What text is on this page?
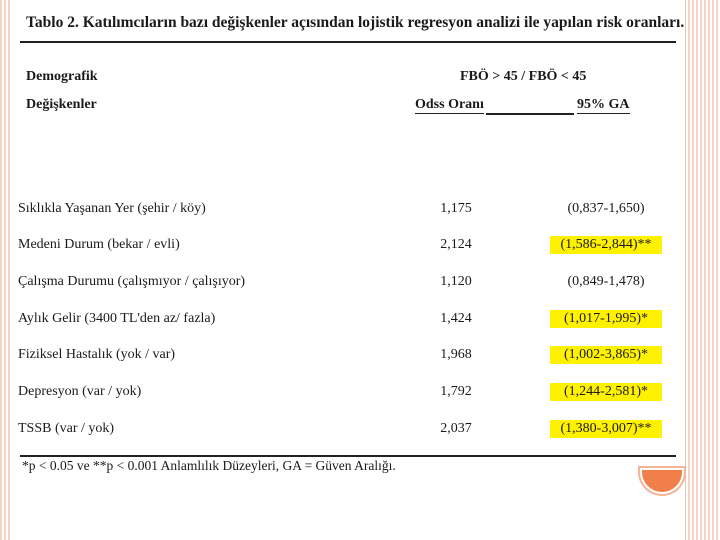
Tablo 2. Katılımcıların bazı değişkenler açısından lojistik regresyon analizi ile yapılan risk oranları.
Demografik
Değişkenler
FBÖ > 45 / FBÖ < 45
Odss Oranı	95% GA
Sıklıkla Yaşanan Yer (şehir / köy)	1,175	(0,837-1,650)
Medeni Durum (bekar / evli)	2,124	(1,586-2,844)**
Çalışma Durumu (çalışmıyor / çalışıyor)	1,120	(0,849-1,478)
Aylık Gelir (3400 TL'den az/ fazla)	1,424	(1,017-1,995)*
Fiziksel Hastalık (yok / var)	1,968	(1,002-3,865)*
Depresyon (var / yok)	1,792	(1,244-2,581)*
TSSB (var / yok)	2,037	(1,380-3,007)**
*p < 0.05 ve **p < 0.001 Anlamlılık Düzeyleri, GA = Güven Aralığı.
